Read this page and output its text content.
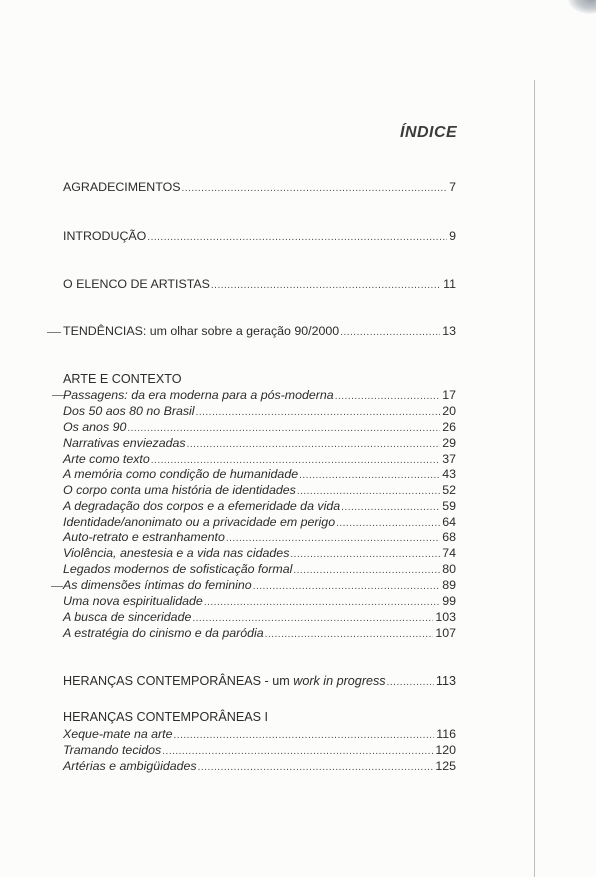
ÍNDICE
AGRADECIMENTOS .....	7
INTRODUÇÃO .....	9
O ELENCO DE ARTISTAS .....	11
TENDÊNCIAS: um olhar sobre a geração 90/2000 .....	13
ARTE E CONTEXTO
Passagens: da era moderna para a pós-moderna .....	17
Dos 50 aos 80 no Brasil .....	20
Os anos 90 .....	26
Narrativas enviezadas .....	29
Arte como texto .....	37
A memória como condição de humanidade .....	43
O corpo conta uma história de identidades .....	52
A degradação dos corpos e a efemeridade da vida .....	59
Identidade/anonimato ou a privacidade em perigo .....	64
Auto-retrato e estranhamento .....	68
Violência, anestesia e a vida nas cidades .....	74
Legados modernos de sofisticação formal .....	80
As dimensões íntimas do feminino .....	89
Uma nova espiritualidade .....	99
A busca de sinceridade .....	103
A estratégia do cinismo e da paródia .....	107
HERANÇAS CONTEMPORÂNEAS - um work in progress .....	113
HERANÇAS CONTEMPORÂNEAS I
Xeque-mate na arte .....	116
Tramando tecidos .....	120
Artérias e ambigüidades .....	125
